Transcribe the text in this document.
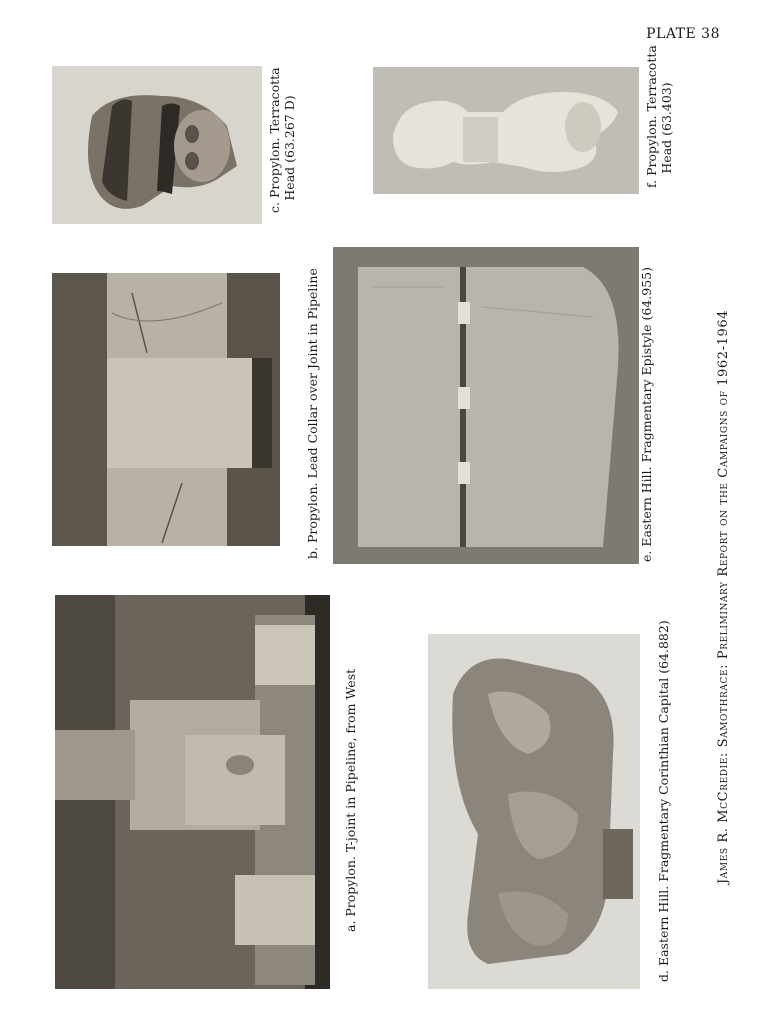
PLATE 38
c. Propylon. Terracotta Head (63.267 D)
b. Propylon. Lead Collar over Joint in Pipeline
a. Propylon. T-joint in Pipeline, from West
f. Propylon. Terracotta Head (63.403)
e. Eastern Hill. Fragmentary Epistyle (64.955)
d. Eastern Hill. Fragmentary Corinthian Capital (64.882)	James R. McCredie: Samothrace: Preliminary Report on the Campaigns of 1962-1964
